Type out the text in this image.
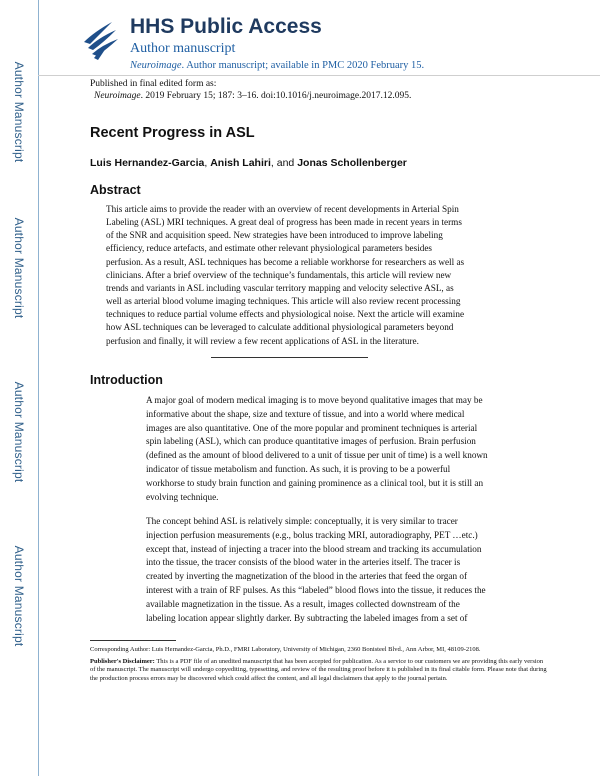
Author Manuscript
Author Manuscript
Author Manuscript
Author Manuscript
HHS Public Access
Author manuscript
Neuroimage. Author manuscript; available in PMC 2020 February 15.
Published in final edited form as:
Neuroimage. 2019 February 15; 187: 3–16. doi:10.1016/j.neuroimage.2017.12.095.
Recent Progress in ASL
Luis Hernandez-Garcia, Anish Lahiri, and Jonas Schollenberger
Abstract
This article aims to provide the reader with an overview of recent developments in Arterial Spin
Labeling (ASL) MRI techniques. A great deal of progress has been made in recent years in terms
of the SNR and acquisition speed. New strategies have been introduced to improve labeling
efficiency, reduce artefacts, and estimate other relevant physiological parameters besides
perfusion. As a result, ASL techniques has become a reliable workhorse for researchers as well as
clinicians. After a brief overview of the technique’s fundamentals, this article will review new
trends and variants in ASL including vascular territory mapping and velocity selective ASL, as
well as arterial blood volume imaging techniques. This article will also review recent processing
techniques to reduce partial volume effects and physiological noise. Next the article will examine
how ASL techniques can be leveraged to calculate additional physiological parameters beyond
perfusion and finally, it will review a few recent applications of ASL in the literature.
Introduction
A major goal of modern medical imaging is to move beyond qualitative images that may be
informative about the shape, size and texture of tissue, and into a world where medical
images are also quantitative. One of the more popular and prominent techniques is arterial
spin labeling (ASL), which can produce quantitative images of perfusion. Brain perfusion
(defined as the amount of blood delivered to a unit of tissue per unit of time) is a well known
indicator of tissue metabolism and function. As such, it is proving to be a powerful
workhorse to study brain function and gaining prominence as a clinical tool, but it is still an
evolving technique.
The concept behind ASL is relatively simple: conceptually, it is very similar to tracer
injection perfusion measurements (e.g., bolus tracking MRI, autoradiography, PET …etc.)
except that, instead of injecting a tracer into the blood stream and tracking its accumulation
into the tissue, the tracer consists of the blood water in the arteries itself. The tracer is
created by inverting the magnetization of the blood in the arteries that feed the organ of
interest with a train of RF pulses. As this “labeled” blood flows into the tissue, it reduces the
available magnetization in the tissue. As a result, images collected downstream of the
labeling location appear slightly darker. By subtracting the labeled images from a set of

Corresponding Author: Luis Hernandez-Garcia, Ph.D., FMRI Laboratory, University of Michigan, 2360 Bonisteel Blvd., Ann Arbor, MI, 48109-2108.

Publisher's Disclaimer: This is a PDF file of an unedited manuscript that has been accepted for publication. As a service to our customers we are providing this early version of the manuscript. The manuscript will undergo copyediting, typesetting, and review of the resulting proof before it is published in its final citable form. Please note that during the production process errors may be discovered which could affect the content, and all legal disclaimers that apply to the journal pertain.
